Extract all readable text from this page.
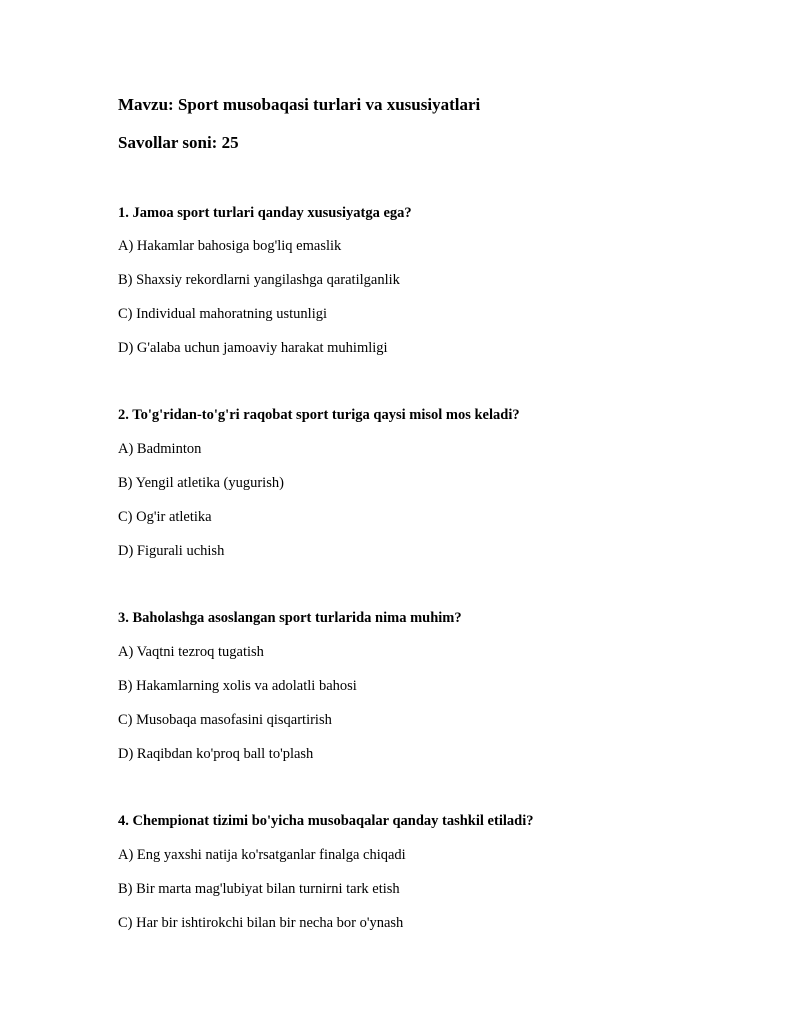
Mavzu: Sport musobaqasi turlari va xususiyatlari
Savollar soni: 25

1. Jamoa sport turlari qanday xususiyatga ega?

A) Hakamlar bahosiga bog'liq emaslik

B) Shaxsiy rekordlarni yangilashga qaratilganlik

C) Individual mahoratning ustunligi

D) G'alaba uchun jamoaviy harakat muhimligi

2. To'g'ridan-to'g'ri raqobat sport turiga qaysi misol mos keladi?

A) Badminton

B) Yengil atletika (yugurish)

C) Og'ir atletika

D) Figurali uchish

3. Baholashga asoslangan sport turlarida nima muhim?

A) Vaqtni tezroq tugatish

B) Hakamlarning xolis va adolatli bahosi

C) Musobaqa masofasini qisqartirish

D) Raqibdan ko'proq ball to'plash

4. Chempionat tizimi bo'yicha musobaqalar qanday tashkil etiladi?

A) Eng yaxshi natija ko'rsatganlar finalga chiqadi

B) Bir marta mag'lubiyat bilan turnirni tark etish

C) Har bir ishtirokchi bilan bir necha bor o'ynash
